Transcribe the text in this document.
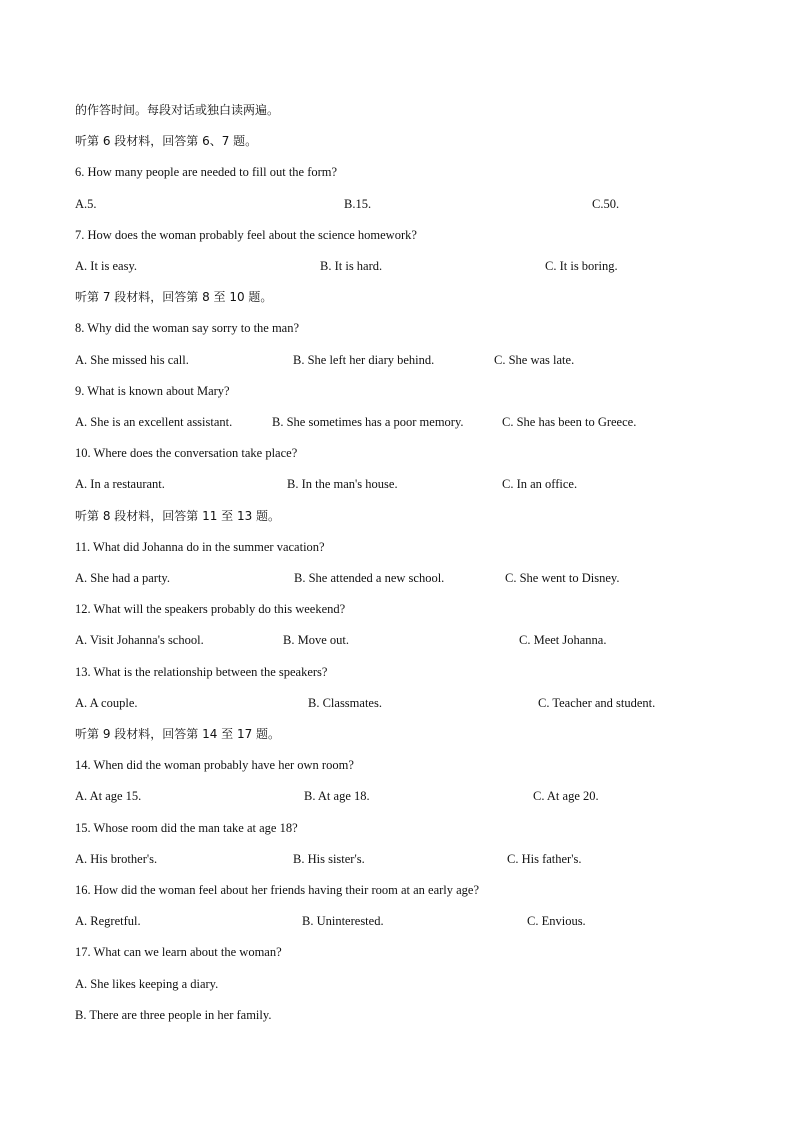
的作答时间。每段对话或独白读两遍。
听第 6 段材料，回答第 6、7 题。
6. How many people are needed to fill out the form?
A.5.	B.15.	C.50.
7. How does the woman probably feel about the science homework?
A. It is easy.	B. It is hard.	C. It is boring.
听第 7 段材料，回答第 8 至 10 题。
8. Why did the woman say sorry to the man?
A. She missed his call.	B. She left her diary behind.	C. She was late.
9. What is known about Mary?
A. She is an excellent assistant.	B. She sometimes has a poor memory.	C. She has been to Greece.
10. Where does the conversation take place?
A. In a restaurant.	B. In the man's house.	C. In an office.
听第 8 段材料，回答第 11 至 13 题。
11. What did Johanna do in the summer vacation?
A. She had a party.	B. She attended a new school.	C. She went to Disney.
12. What will the speakers probably do this weekend?
A. Visit Johanna's school.	B. Move out.	C. Meet Johanna.
13. What is the relationship between the speakers?
A. A couple.	B. Classmates.	C. Teacher and student.
听第 9 段材料，回答第 14 至 17 题。
14. When did the woman probably have her own room?
A. At age 15.	B. At age 18.	C. At age 20.
15. Whose room did the man take at age 18?
A. His brother's.	B. His sister's.	C. His father's.
16. How did the woman feel about her friends having their room at an early age?
A. Regretful.	B. Uninterested.	C. Envious.
17. What can we learn about the woman?
A. She likes keeping a diary.
B. There are three people in her family.
